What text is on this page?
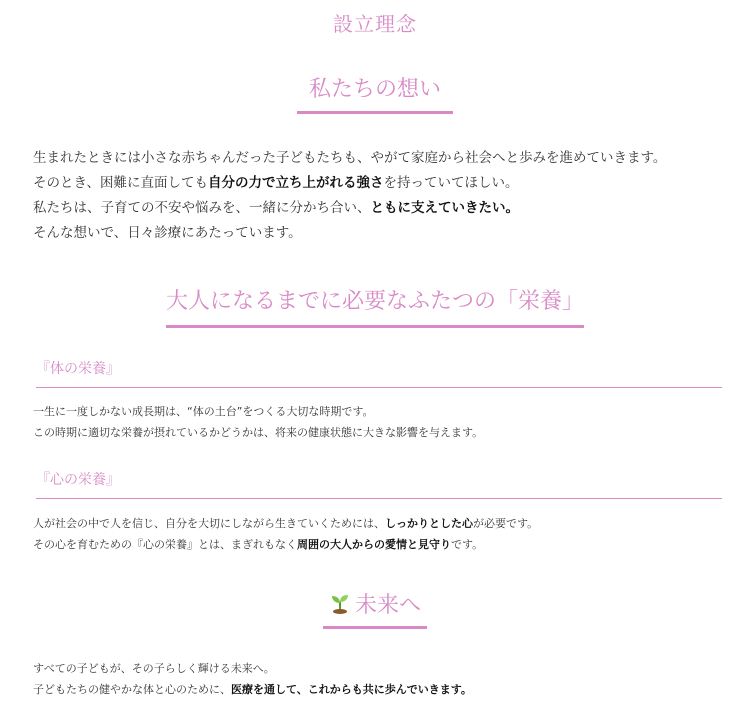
設立理念
私たちの想い

生まれたときには小さな赤ちゃんだった子どもたちも、やがて家庭から社会へと歩みを進めていきます。

そのとき、困難に直面しても自分の力で立ち上がれる強さを持っていてほしい。

私たちは、子育ての不安や悩みを、一緒に分かち合い、ともに支えていきたい。

そんな想いで、日々診療にあたっています。

大人になるまでに必要なふたつの「栄養」
『体の栄養』

一生に一度しかない成長期は、“体の土台”をつくる大切な時期です。

この時期に適切な栄養が摂れているかどうかは、将来の健康状態に大きな影響を与えます。

『心の栄養』

人が社会の中で人を信じ、自分を大切にしながら生きていくためには、しっかりとした心が必要です。

その心を育むための『心の栄養』とは、まぎれもなく周囲の大人からの愛情と見守りです。

未来へ

すべての子どもが、その子らしく輝ける未来へ。

子どもたちの健やかな体と心のために、医療を通して、これからも共に歩んでいきます。
